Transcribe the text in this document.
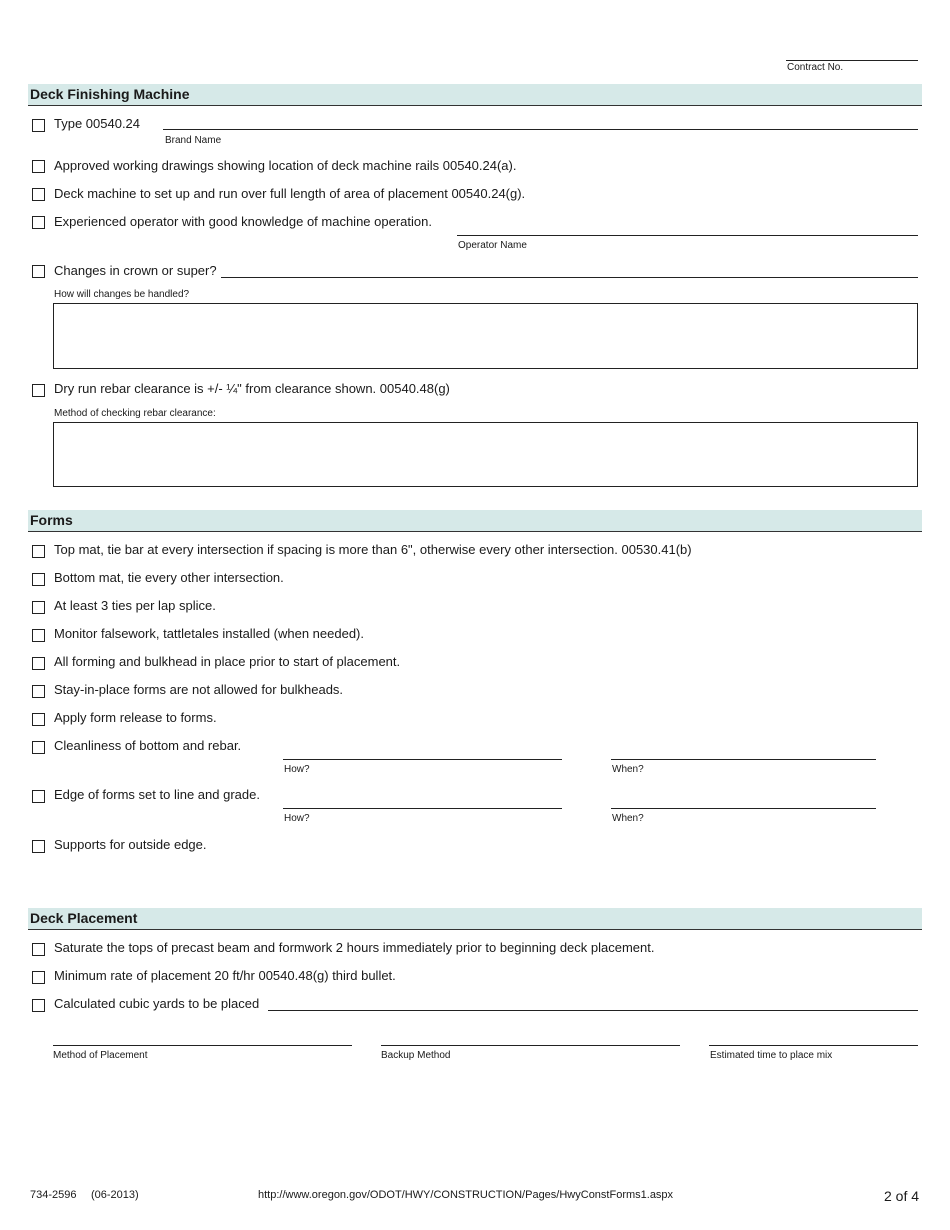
Contract No.
Deck Finishing Machine
Type 00540.24
Brand Name
Approved working drawings showing location of deck machine rails 00540.24(a).
Deck machine to set up and run over full length of area of placement 00540.24(g).
Experienced operator with good knowledge of machine operation.
Operator Name
Changes in crown or super?
How will changes be handled?
Dry run rebar clearance is +/- ¼" from clearance shown. 00540.48(g)
Method of checking rebar clearance:
Forms
Top mat, tie bar at every intersection if spacing is more than 6", otherwise every other intersection. 00530.41(b)
Bottom mat, tie every other intersection.
At least 3 ties per lap splice.
Monitor falsework, tattletales installed (when needed).
All forming and bulkhead in place prior to start of placement.
Stay-in-place forms are not allowed for bulkheads.
Apply form release to forms.
Cleanliness of bottom and rebar.
How?	When?
Edge of forms set to line and grade.
How?	When?
Supports for outside edge.
Deck Placement
Saturate the tops of precast beam and formwork 2 hours immediately prior to beginning deck placement.
Minimum rate of placement 20 ft/hr 00540.48(g) third bullet.
Calculated cubic yards to be placed
Method of Placement	Backup Method	Estimated time to place mix
734-2596 (06-2013)	http://www.oregon.gov/ODOT/HWY/CONSTRUCTION/Pages/HwyConstForms1.aspx	2 of 4
